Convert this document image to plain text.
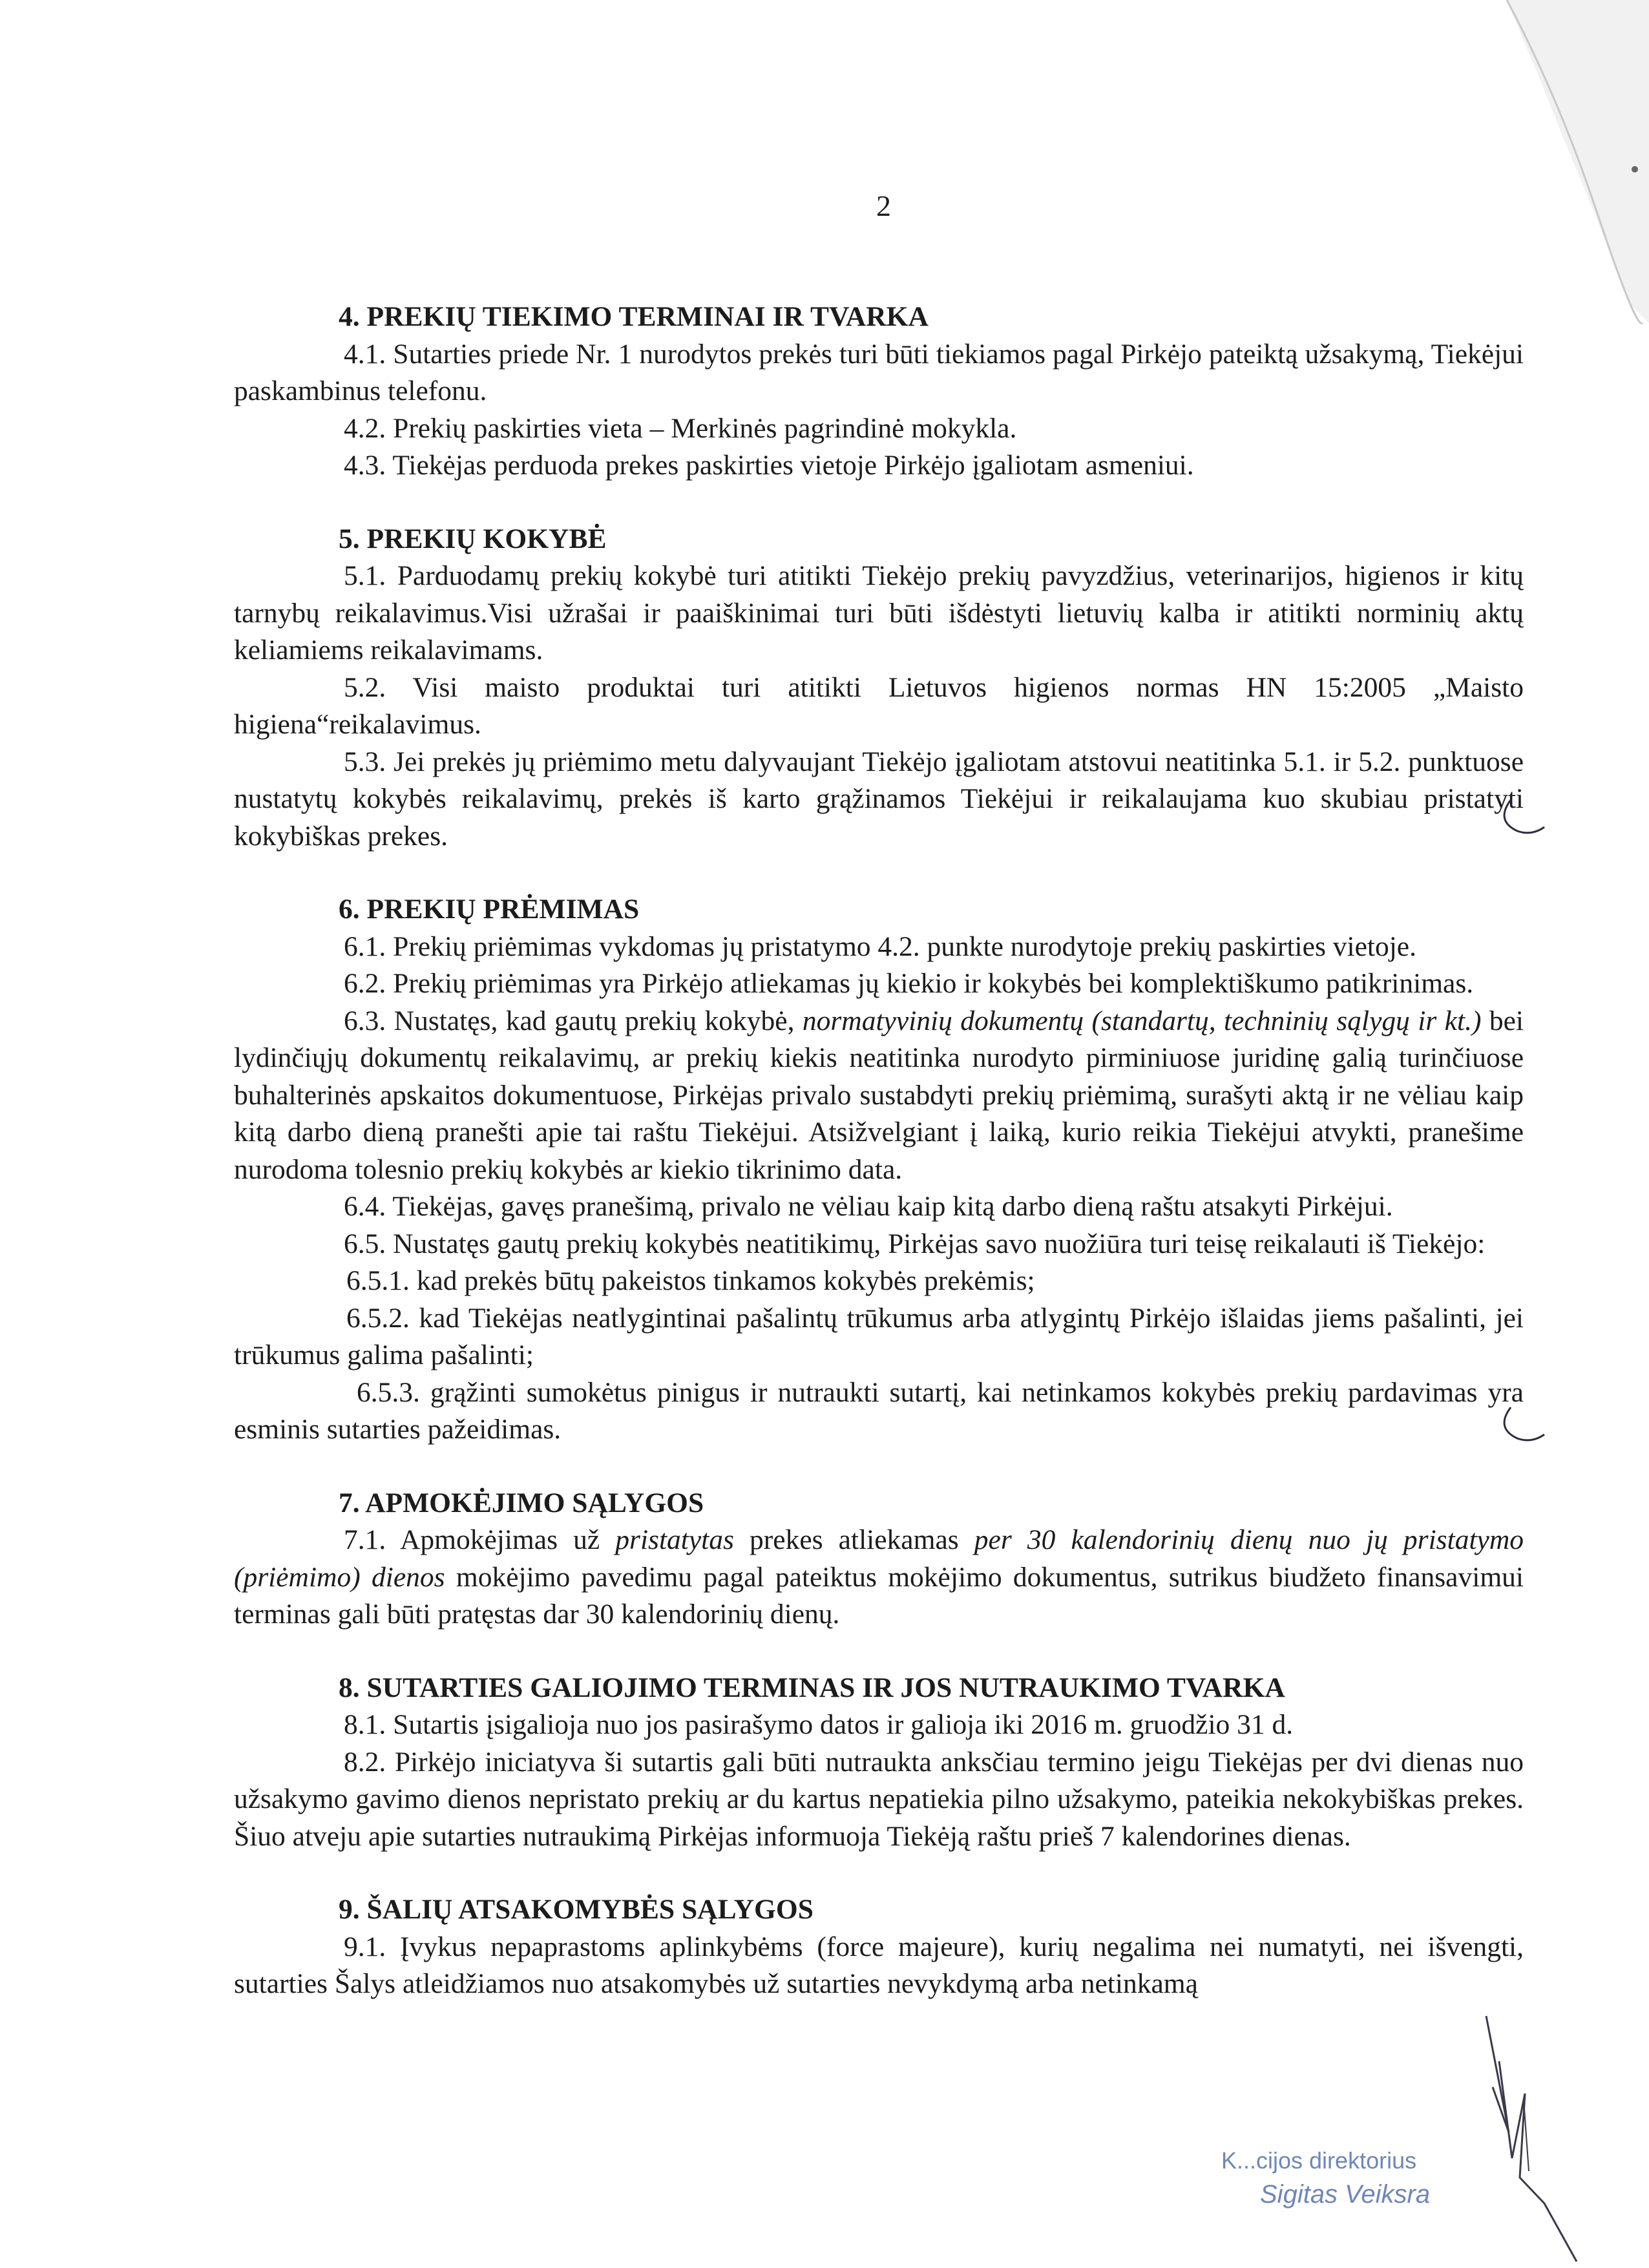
2

4. PREKIŲ TIEKIMO TERMINAI IR TVARKA

4.1. Sutarties priede Nr. 1 nurodytos prekės turi būti tiekiamos pagal Pirkėjo pateiktą užsakymą, Tiekėjui paskambinus telefonu.

4.2. Prekių paskirties vieta – Merkinės pagrindinė mokykla.

4.3. Tiekėjas perduoda prekes paskirties vietoje Pirkėjo įgaliotam asmeniui.

5. PREKIŲ KOKYBĖ

5.1. Parduodamų prekių kokybė turi atitikti Tiekėjo prekių pavyzdžius, veterinarijos, higienos ir kitų tarnybų reikalavimus.Visi užrašai ir paaiškinimai turi būti išdėstyti lietuvių kalba ir atitikti norminių aktų keliamiems reikalavimams.

5.2. Visi maisto produktai turi atitikti Lietuvos higienos normas HN 15:2005 „Maisto higiena“reikalavimus.

5.3. Jei prekės jų priėmimo metu dalyvaujant Tiekėjo įgaliotam atstovui neatitinka 5.1. ir 5.2. punktuose nustatytų kokybės reikalavimų, prekės iš karto grąžinamos Tiekėjui ir reikalaujama kuo skubiau pristatyti kokybiškas prekes.

6. PREKIŲ PRĖMIMAS

6.1. Prekių priėmimas vykdomas jų pristatymo 4.2. punkte nurodytoje prekių paskirties vietoje.

6.2. Prekių priėmimas yra Pirkėjo atliekamas jų kiekio ir kokybės bei komplektiškumo patikrinimas.

6.3. Nustatęs, kad gautų prekių kokybė, normatyvinių dokumentų (standartų, techninių sąlygų ir kt.) bei lydinčiųjų dokumentų reikalavimų, ar prekių kiekis neatitinka nurodyto pirminiuose juridinę galią turinčiuose buhalterinės apskaitos dokumentuose, Pirkėjas privalo sustabdyti prekių priėmimą, surašyti aktą ir ne vėliau kaip kitą darbo dieną pranešti apie tai raštu Tiekėjui. Atsižvelgiant į laiką, kurio reikia Tiekėjui atvykti, pranešime nurodoma tolesnio prekių kokybės ar kiekio tikrinimo data.

6.4. Tiekėjas, gavęs pranešimą, privalo ne vėliau kaip kitą darbo dieną raštu atsakyti Pirkėjui.

6.5. Nustatęs gautų prekių kokybės neatitikimų, Pirkėjas savo nuožiūra turi teisę reikalauti iš Tiekėjo:

6.5.1. kad prekės būtų pakeistos tinkamos kokybės prekėmis;

6.5.2. kad Tiekėjas neatlygintinai pašalintų trūkumus arba atlygintų Pirkėjo išlaidas jiems pašalinti, jei trūkumus galima pašalinti;

6.5.3. grąžinti sumokėtus pinigus ir nutraukti sutartį, kai netinkamos kokybės prekių pardavimas yra esminis sutarties pažeidimas.

7. APMOKĖJIMO SĄLYGOS

7.1. Apmokėjimas už pristatytas prekes atliekamas per 30 kalendorinių dienų nuo jų pristatymo (priėmimo) dienos mokėjimo pavedimu pagal pateiktus mokėjimo dokumentus, sutrikus biudžeto finansavimui terminas gali būti pratęstas dar 30 kalendorinių dienų.

8. SUTARTIES GALIOJIMO TERMINAS IR JOS NUTRAUKIMO TVARKA

8.1. Sutartis įsigalioja nuo jos pasirašymo datos ir galioja iki 2016 m. gruodžio 31 d.

8.2. Pirkėjo iniciatyva ši sutartis gali būti nutraukta anksčiau termino jeigu Tiekėjas per dvi dienas nuo užsakymo gavimo dienos nepristato prekių ar du kartus nepatiekia pilno užsakymo, pateikia nekokybiškas prekes. Šiuo atveju apie sutarties nutraukimą Pirkėjas informuoja Tiekėją raštu prieš 7 kalendorines dienas.

9. ŠALIŲ ATSAKOMYBĖS SĄLYGOS

9.1. Įvykus nepaprastoms aplinkybėms (force majeure), kurių negalima nei numatyti, nei išvengti, sutarties Šalys atleidžiamos nuo atsakomybės už sutarties nevykdymą arba netinkamą

K...cijos direktorius
Sigitas Veiksra
